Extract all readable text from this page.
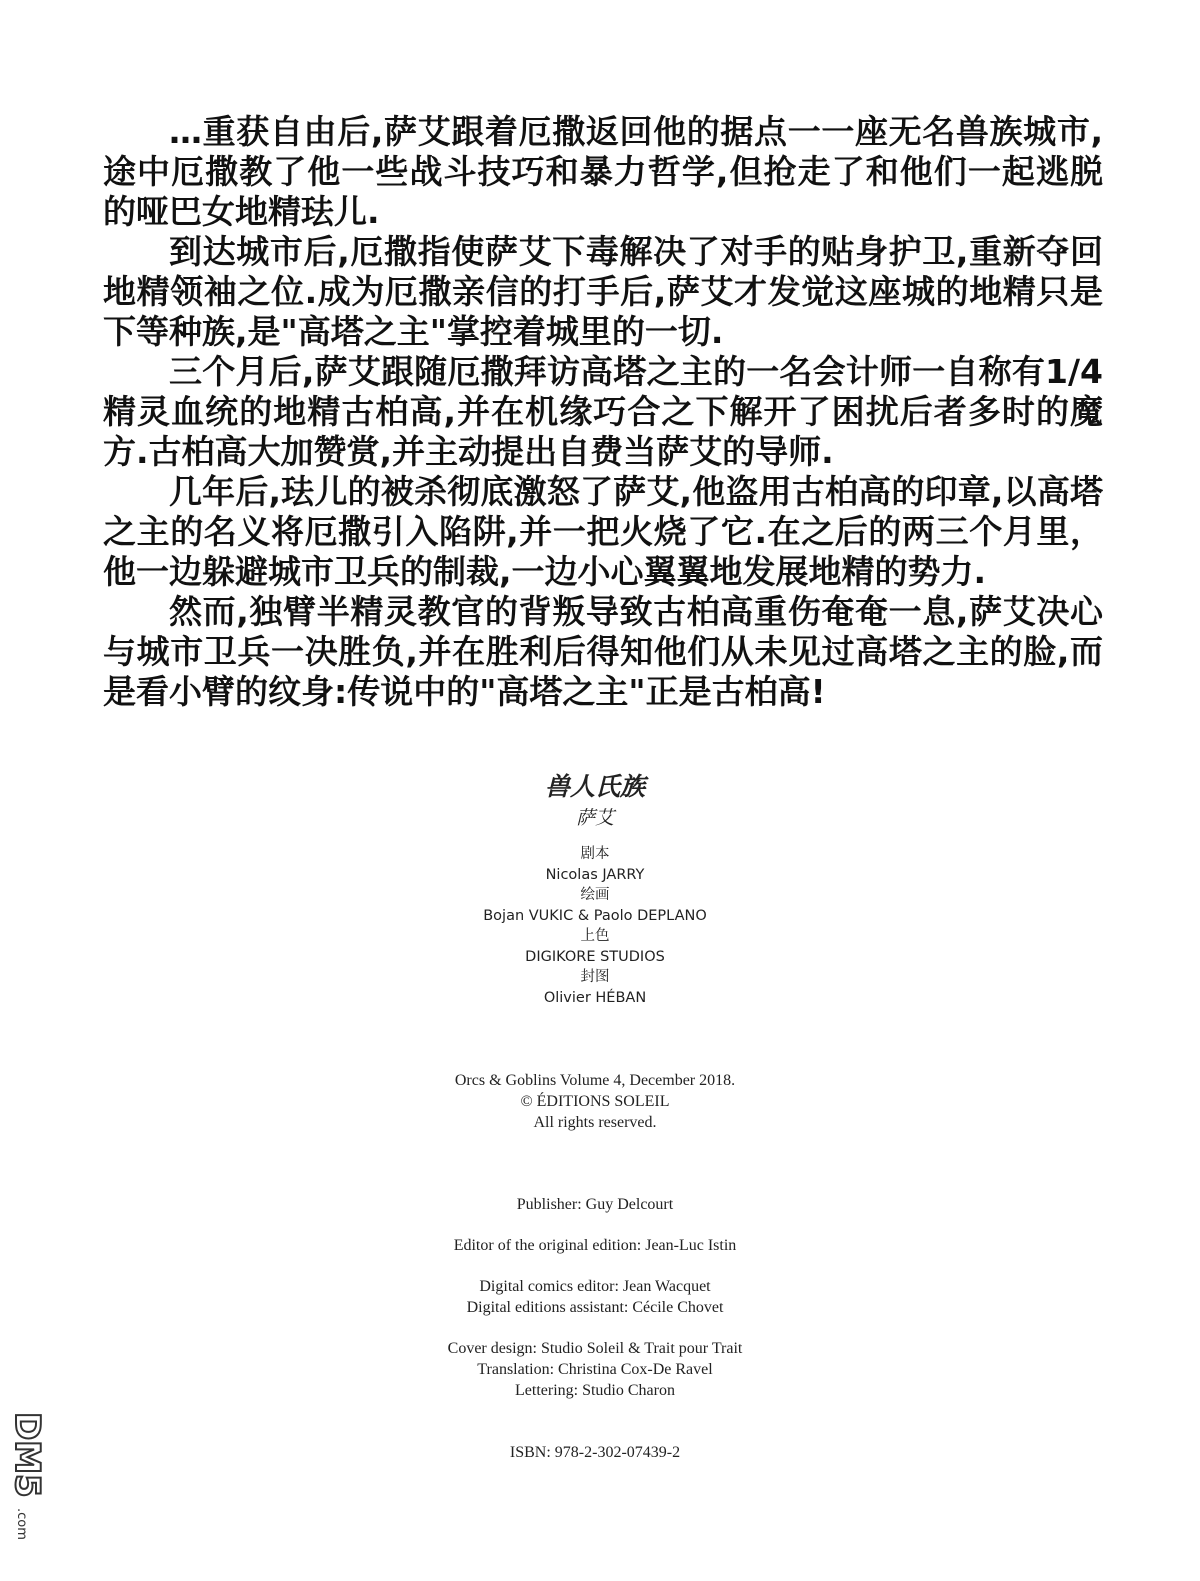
…重获自由后,萨艾跟着厄撒返回他的据点一一座无名兽族城市,途中厄撒教了他一些战斗技巧和暴力哲学,但抢走了和他们一起逃脱的哑巴女地精珐儿.

到达城市后,厄撒指使萨艾下毒解决了对手的贴身护卫,重新夺回地精领袖之位.成为厄撒亲信的打手后,萨艾才发觉这座城的地精只是下等种族,是"高塔之主"掌控着城里的一切.

三个月后,萨艾跟随厄撒拜访高塔之主的一名会计师一自称有1/4精灵血统的地精古柏高,并在机缘巧合之下解开了困扰后者多时的魔方.古柏高大加赞赏,并主动提出自费当萨艾的导师.

几年后,珐儿的被杀彻底激怒了萨艾,他盗用古柏高的印章,以高塔之主的名义将厄撒引入陷阱,并一把火烧了它.在之后的两三个月里，他一边躲避城市卫兵的制裁,一边小心翼翼地发展地精的势力.

然而,独臂半精灵教官的背叛导致古柏高重伤奄奄一息,萨艾决心与城市卫兵一决胜负,并在胜利后得知他们从未见过高塔之主的脸,而是看小臂的纹身:传说中的"高塔之主"正是古柏高!

兽人氏族
萨艾
剧本
Nicolas JARRY
绘画
Bojan VUKIC & Paolo DEPLANO
上色
DIGIKORE STUDIOS
封图
Olivier HÉBAN
Orcs & Goblins Volume 4, December 2018.
© ÉDITIONS SOLEIL
All rights reserved.
Publisher: Guy Delcourt
Editor of the original edition: Jean-Luc Istin
Digital comics editor: Jean Wacquet
Digital editions assistant: Cécile Chovet
Cover design: Studio Soleil & Trait pour Trait
Translation: Christina Cox-De Ravel
Lettering: Studio Charon
ISBN: 978-2-302-07439-2
DM5
.com
